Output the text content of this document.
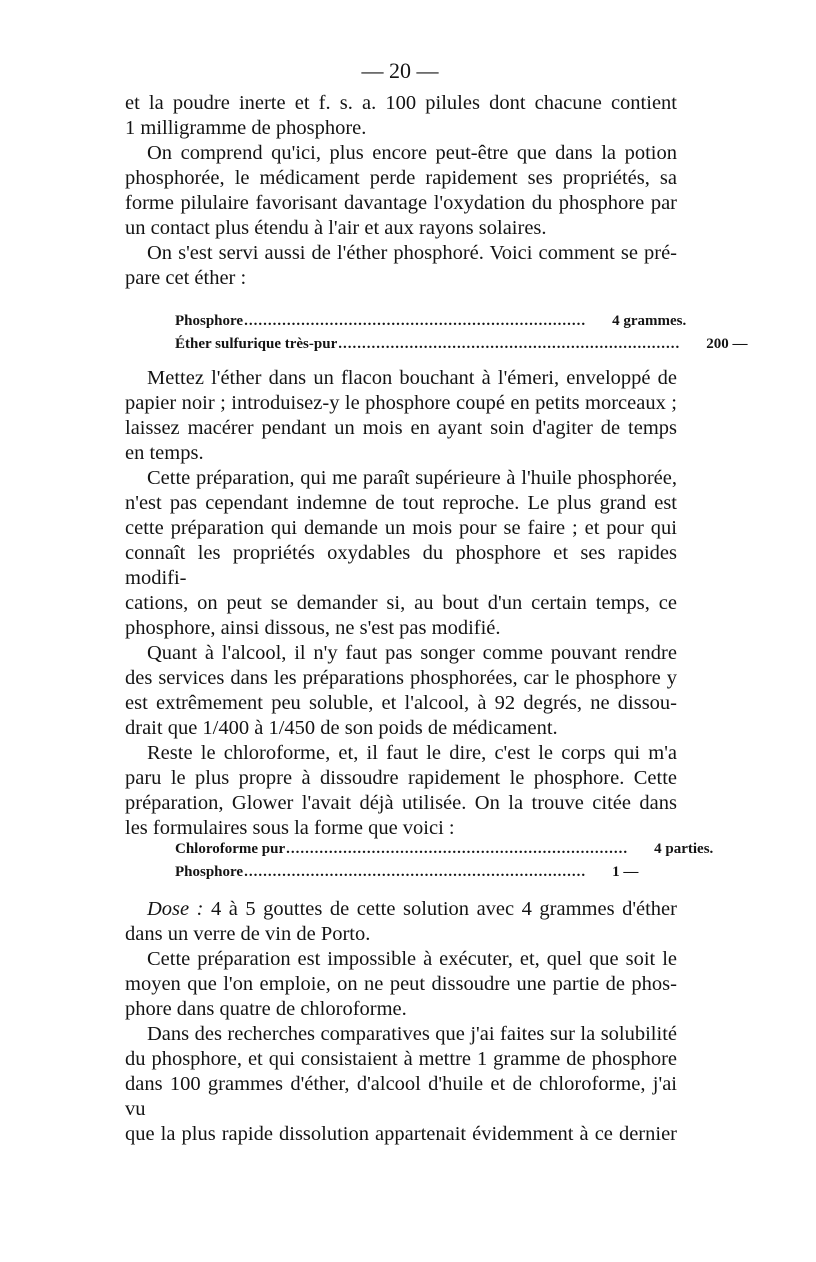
— 20 —

et la poudre inerte et f. s. a. 100 pilules dont chacune contient

1 milligramme de phosphore.

On comprend qu'ici, plus encore peut-être que dans la potion

phosphorée, le médicament perde rapidement ses propriétés, sa

forme pilulaire favorisant davantage l'oxydation du phosphore par

un contact plus étendu à l'air et aux rayons solaires.

On s'est servi aussi de l'éther phosphoré. Voici comment se pré-

pare cet éther :

Phosphore ........................................................................	4 grammes.
Éther sulfurique très-pur ........................................................................	200 —

Mettez l'éther dans un flacon bouchant à l'émeri, enveloppé de

papier noir ; introduisez-y le phosphore coupé en petits morceaux ;

laissez macérer pendant un mois en ayant soin d'agiter de temps

en temps.

Cette préparation, qui me paraît supérieure à l'huile phosphorée,

n'est pas cependant indemne de tout reproche. Le plus grand est

cette préparation qui demande un mois pour se faire ; et pour qui

connaît les propriétés oxydables du phosphore et ses rapides modifi-

cations, on peut se demander si, au bout d'un certain temps, ce

phosphore, ainsi dissous, ne s'est pas modifié.

Quant à l'alcool, il n'y faut pas songer comme pouvant rendre

des services dans les préparations phosphorées, car le phosphore y

est extrêmement peu soluble, et l'alcool, à 92 degrés, ne dissou-

drait que 1/400 à 1/450 de son poids de médicament.

Reste le chloroforme, et, il faut le dire, c'est le corps qui m'a

paru le plus propre à dissoudre rapidement le phosphore. Cette

préparation, Glower l'avait déjà utilisée. On la trouve citée dans

les formulaires sous la forme que voici :

Chloroforme pur ........................................................................	4 parties.
Phosphore ........................................................................	1 —

Dose : 4 à 5 gouttes de cette solution avec 4 grammes d'éther

dans un verre de vin de Porto.

Cette préparation est impossible à exécuter, et, quel que soit le

moyen que l'on emploie, on ne peut dissoudre une partie de phos-

phore dans quatre de chloroforme.

Dans des recherches comparatives que j'ai faites sur la solubilité

du phosphore, et qui consistaient à mettre 1 gramme de phosphore

dans 100 grammes d'éther, d'alcool d'huile et de chloroforme, j'ai vu

que la plus rapide dissolution appartenait évidemment à ce dernier
